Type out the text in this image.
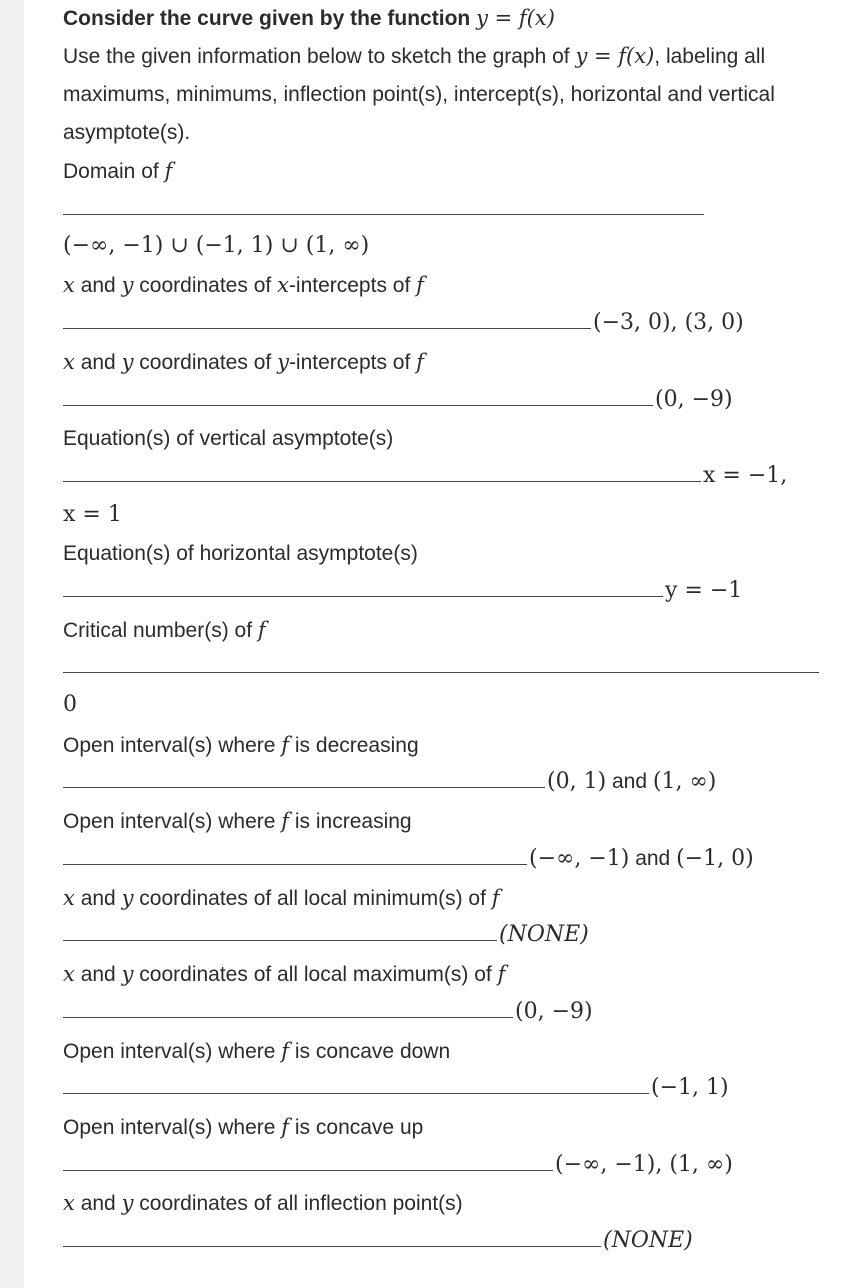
Consider the curve given by the function y = f(x)
Use the given information below to sketch the graph of y = f(x), labeling all
maximums, minimums, inflection point(s), intercept(s), horizontal and vertical
asymptote(s).
Domain of f
(−∞, −1) ∪ (−1, 1) ∪ (1, ∞)
x and y coordinates of x-intercepts of f
(−3, 0), (3, 0)
x and y coordinates of y-intercepts of f
(0, −9)
Equation(s) of vertical asymptote(s)
x = −1,
x = 1
Equation(s) of horizontal asymptote(s)
y = −1
Critical number(s) of f
0
Open interval(s) where f is decreasing
(0, 1) and (1, ∞)
Open interval(s) where f is increasing
(−∞, −1) and (−1, 0)
x and y coordinates of all local minimum(s) of f
(NONE)
x and y coordinates of all local maximum(s) of f
(0, −9)
Open interval(s) where f is concave down
(−1, 1)
Open interval(s) where f is concave up
(−∞, −1), (1, ∞)
x and y coordinates of all inflection point(s)
(NONE)
